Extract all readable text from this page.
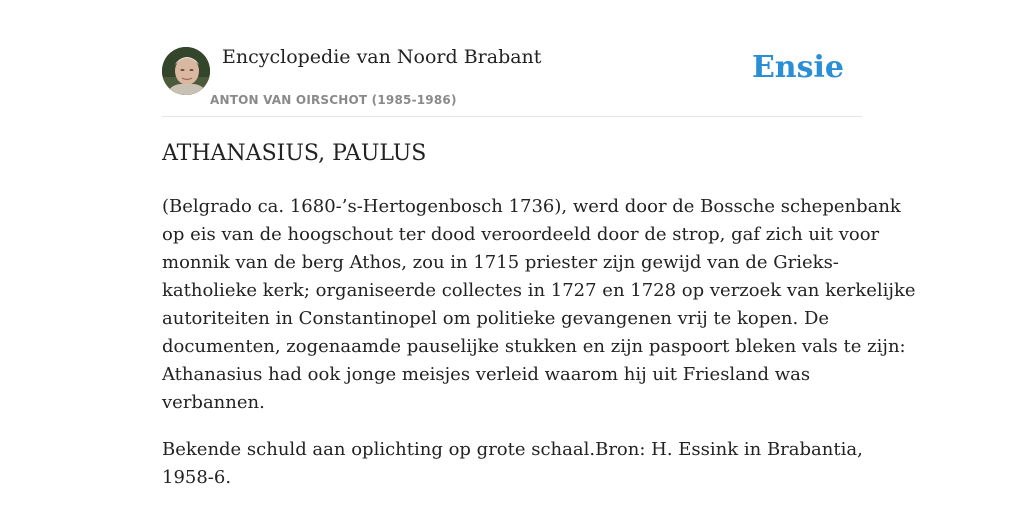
Encyclopedie van Noord Brabant
ANTON VAN OIRSCHOT (1985-1986)
Ensie
ATHANASIUS, PAULUS

(Belgrado ca. 1680-’s-Hertogenbosch 1736), werd door de Bossche schepenbank
op eis van de hoogschout ter dood veroordeeld door de strop, gaf zich uit voor
monnik van de berg Athos, zou in 1715 priester zijn gewijd van de Grieks-
katholieke kerk; organiseerde collectes in 1727 en 1728 op verzoek van kerkelijke
autoriteiten in Constantinopel om politieke gevangenen vrij te kopen. De
documenten, zogenaamde pauselijke stukken en zijn paspoort bleken vals te zijn:
Athanasius had ook jonge meisjes verleid waarom hij uit Friesland was
verbannen.

Bekende schuld aan oplichting op grote schaal.Bron: H. Essink in Brabantia,
1958-6.
